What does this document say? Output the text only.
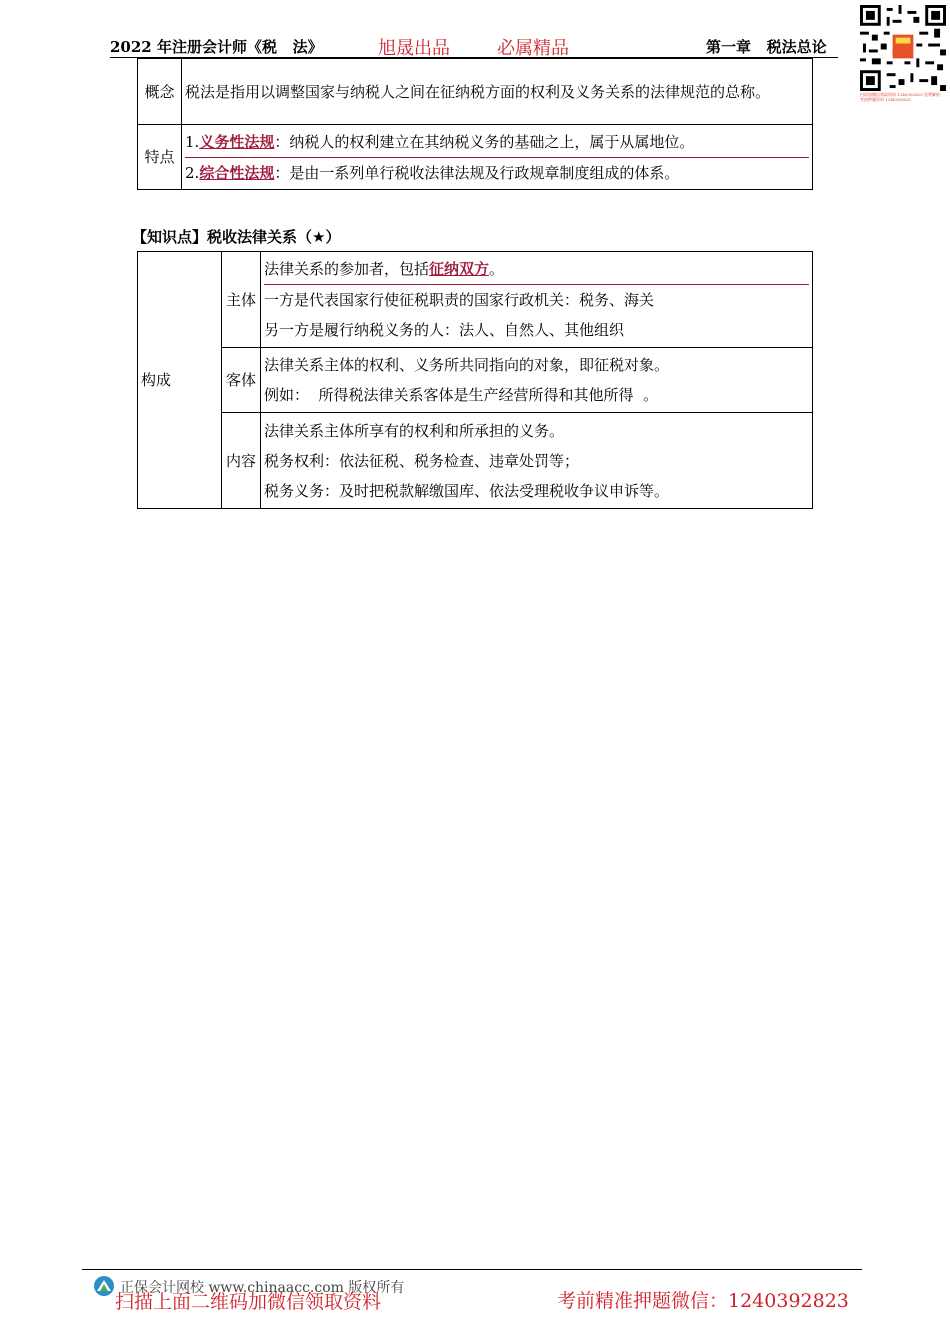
2022 年注册会计师《税   法》	旭晟出品	必属精品	第一章   税法总论
扫码加微信领取资料 1240392823 免费解析，考前押题资料 1240392823
概念	税法是指用以调整国家与纳税人之间在征纳税方面的权利及义务关系的法律规范的总称。
特点	1.义务性法规：纳税人的权利建立在其纳税义务的基础之上，属于从属地位。
2.综合性法规：是由一系列单行税收法律法规及行政规章制度组成的体系。
【知识点】税收法律关系（★）
构成	主体	法律关系的参加者，包括征纳双方。
一方是代表国家行使征税职责的国家行政机关：税务、海关
另一方是履行纳税义务的人：法人、自然人、其他组织

	客体	法律关系主体的权利、义务所共同指向的对象，即征税对象。
例如：  所得税法律关系客体是生产经营所得和其他所得  。

	内容	法律关系主体所享有的权利和所承担的义务。
税务权利：依法征税、税务检查、违章处罚等；
税务义务：及时把税款解缴国库、依法受理税收争议申诉等。
正保会计网校 www.chinaacc.com 版权所有
扫描上面二维码加微信领取资料	考前精准押题微信：1240392823
